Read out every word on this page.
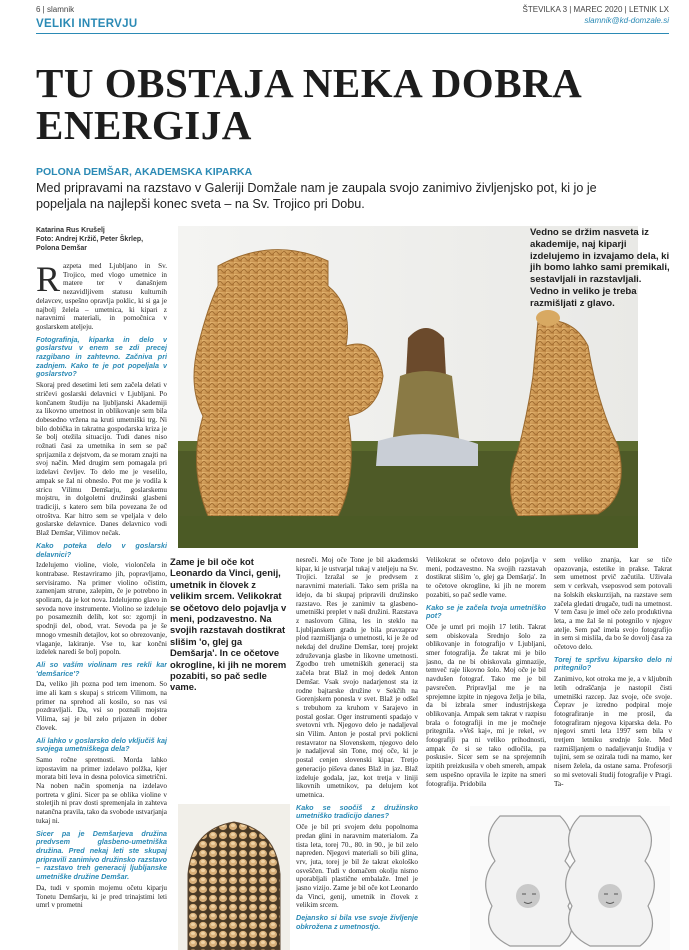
6 | slamnik	ŠTEVILKA 3 | MAREC 2020 | LETNIK LX
slamnik@kd-domzale.si
VELIKI INTERVJU
TU OBSTAJA NEKA DOBRA ENERGIJA
POLONA DEMŠAR, AKADEMSKA KIPARKA
Med pripravami na razstavo v Galeriji Domžale nam je zaupala svojo zanimivo življenjsko pot, ki jo je popeljala na najlepši konec sveta – na Sv. Trojico pri Dobu.
Katarina Rus Krušelj
Foto: Andrej Kržič, Peter Škrlep,
Polona Demšar
Vedno se držim nasveta iz akademije, naj kiparji izdelujemo in izvajamo dela, ki jih bomo lahko sami premikali, sestavljali in razstavljali. Vedno in veliko je treba razmišljati z glavo.
Zame je bil oče kot Leonardo da Vinci, genij, umetnik in človek z velikim srcem. Velikokrat se očetovo delo pojavlja v meni, podzavestno. Na svojih razstavah dostikrat slišim 'o, glej ga Demšarja'. In ce očetove okrogline, ki jih ne morem pozabiti, so pač sedle vame.

Razpeta med Ljubljano in Sv. Trojico, med vlogo umetnice in matere ter v današnjem nezavidljivem statusu kulturnih delavcev, uspešno opravlja poklic, ki si ga je najbolj želela – umetnica, ki kipari z naravnimi materiali, in pomočnica v goslarskem ateljeju.

Fotografinja, kiparka in delo v goslarstvu v enem se zdi precej razgibano in zahtevno. Začniva pri zadnjem. Kako te je pot popeljala v goslarstvo?

Skoraj pred desetimi leti sem začela delati v stričevi goslarski delavnici v Ljubljani. Po končanem študiju na ljubljanski Akademiji za likovno umetnost in oblikovanje sem bila dobesedno vržena na kruti umetniški trg. Ni bilo dobička in takratna gospodarska kriza je še bolj otežila situacijo. Tudi danes niso rožnati časi za umetnika in sem se pač sprijaznila z dejstvom, da se moram znajti na svoj način. Med drugim sem pomagala pri izdelavi čevljev. To delo me je veselilo, ampak se žal ni obneslo. Pot me je vodila k stricu Vilimu Demšarju, goslarskemu mojstru, in dolgoletni družinski glasbeni tradiciji, s katero sem bila povezana že od otroštva. Kar hitro sem se vpeljala v delo goslarske delavnice. Danes delavnico vodi Blaž Demšar, Vilimov nečak.

Kako poteka delo v goslarski delavnici?

Izdelujemo violine, viole, violončela in kontrabase. Restavriramo jih, popravljamo, servisiramo. Na primer violino očistim, zamenjam strune, zalepim, če je potrebno in spoliram, da je kot nova. Izdelujemo glavo in sevoda nove instrumente. Violino se izdeluje po posameznih delih, kot so: zgornji in spodnji del, obod, vrat. Sevoda pa je še mnogo vmesnih detajlov, kot so obrezovanje, vlaganje, lakiranje. Vse to, kar končni izdelek naredi še bolj popoln.

Ali so vaším violinam res rekli kar 'demšarice'?

Da, veliko jih pozna pod tem imenom. So ime ali kam s skupaj s stricem Vilimom, na primer na sprehod ali kosilo, so nas vsi pozdravljali. Da, vsi so poznali mojstra Vilima, saj je bil zelo prijazen in dober človek.

Ali lahko v goslarsko delo vključiš kaj svojega umetniškega dela?

Samo ročne spretnosti. Morda lahko izpostavim na primer izdelavo polžka, kjer morata biti leva in desna polovica simetrični. Na noben način spomenja na izdelavo portreta v glini. Sicer pa se oblika violine v stoletjih ni prav dosti spremenjala in zahteva natančna pravila, tako da svobode ustvarjanja tukaj ni.

Sicer pa je Demšarjeva družina predvsem glasbeno-umetniška družina. Pred nekaj leti ste skupaj pripravili zanimivo družinsko razstavo – razstavo treh generacij ljubljanske umetniške družine Demšar.

Da, tudi v spomin mojemu očetu kiparju Tonetu Demšarju, ki je pred trinajstimi leti umrl v prometni

nesreči. Moj oče Tone je bil akademski kipar, ki je ustvarjal tukaj v ateljeju na Sv. Trojici. Izražal se je predvsem z naravnimi materiali. Tako sem prišla na idejo, da bi skupaj pripravili družinsko razstavo. Res je zanimiv ta glasbeno-umetniški preplet v naši družini. Razstava z naslovom Glina, les in steklo na Ljubljanskem gradu je bila pravzaprav plod razmišljanja o umetnosti, ki je že od nekdaj del družine Demšar, torej projekt združevanja glasbe in likovne umetnosti. Zgodbo treh umetniških generacij sta začela brat Blaž in moj dedek Anton Demšar. Vsak svojo nadarjenost sta iz rodne bajtarske družine v Sekčih na Gorenjskem ponesla v svet. Blaž je odšel s trebuhom za kruhom v Sarajevo in postal goslar. Oger instrumenti spadajo v svetovni vrh. Njegovo delo je nadaljeval sin Vilim. Anton je postal prvi poklicni restavrator na Slovenskem, njegovo delo je nadaljeval sin Tone, moj oče, ki je postal cenjen slovenski kipar. Tretjo generacijo piševa danes Blaž in jaz. Blaž izdeluje godala, jaz, kot tretja v liniji likovnih umetnikov, pa delujem kot umetnica.

Kako se soočiš z družinsko umetniško tradicijo danes?

Oče je bil pri svojem delu popolnoma predan glini in naravnim materialom. Za tista leta, torej 70., 80. in 90., je bil zelo napreden. Njegovi materiali so bili glina, vrv, juta, torej je bil že takrat ekološko osveščen. Tudi v domačem okolju nismo uporabljali plastične embalaže. Imel je jasno vizijo. Zame je bil oče kot Leonardo da Vinci, genij, umetnik in človek z velikim srcem.

Dejansko si bila vse svoje življenje obkrožena z umetnostjo.

Velikokrat se očetovo delo pojavlja v meni, podzavestno. Na svojih razstavah dostikrat slišim 'o, glej ga Demšarja'. In te očetove okrogline, ki jih ne morem pozabiti, so pač sedle vame.

Kako se je začela tvoja umetniško pot?

Oče je umrl pri mojih 17 letih. Takrat sem obiskovala Srednjo šolo za oblikovanje in fotografijo v Ljubljani, smer fotografija. Že takrat mi je bilo jasno, da ne bi obiskovala gimnazije, temveč raje likovno šolo. Moj oče je bil navdušen fotograf. Tako me je bil pavsrečen. Pripravljal me je na sprejemne izpite in njegova želja je bila, da bi izbrala smer industrijskega oblikovanja. Ampak sem takrat v razpisu brala o fotografiji in me je močneje pritegnila. »Veš kaj«, mi je rekel, »v fotografiji pa ni veliko prihodnosti, ampak če si se tako odločila, pa poskusi«. Sicer sem se na sprejemnih izpitih preizkusila v obeh smereh, ampak sem uspešno opravila le izpite na smeri fotografija. Pridobila

sem veliko znanja, kar se tiče opazovanja, estetike in prakse. Takrat sem umetnost prvič začutila. Uživala sem v cerkvah, vseposvod sem potovali na šolskih ekskurzijah, na razstave sem začela gledati drugače, tudi na umetnost. V tem času je imel oče zelo produktivna leta, a me žal še ni potegnilo v njegov atelje. Sem pač imela svojo fotografijo in sem si mislila, da bo še dovolj časa za očetovo delo.

Torej te spršvu kiparsko delo ni pritegnilo?

Zanimivo, kot otroka me je, a v kljubnih letih odraščanja je nastopil čisti umetniški razcep. Jaz svoje, oče svoje. Čeprav je izredno podpiral moje fotografiranje in me prosil, da fotografiram njegova kiparska dela. Po njegovi smrti leta 1997 sem bila v tretjem letniku srednje šole. Med razmišljanjem o nadaljevanju študija v tujini, sem se ozirala tudi na mamo, ker nisem želela, da ostane sama. Profesorji so mi svetovali študij fotografije v Pragi. Ta-
